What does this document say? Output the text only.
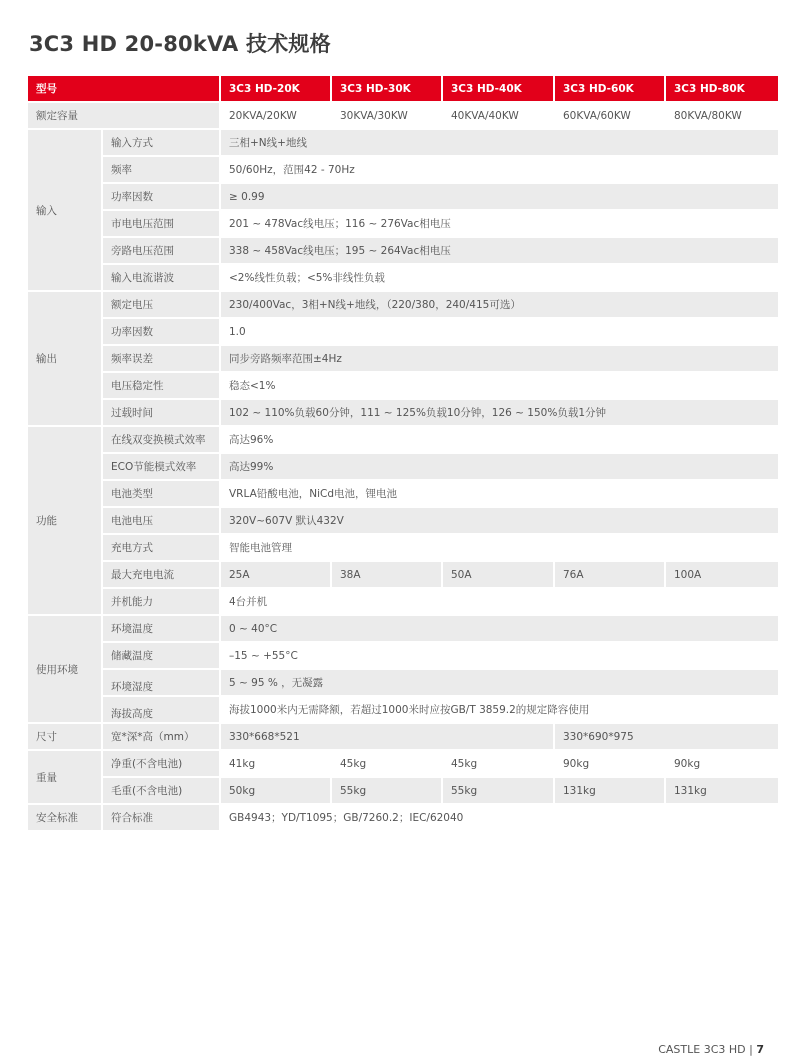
3C3 HD 20-80kVA 技术规格
型号		3C3 HD-20K	3C3 HD-30K	3C3 HD-40K	3C3 HD-60K	3C3 HD-80K
额定容量		20KVA/20KW	30KVA/30KW	40KVA/40KW	60KVA/60KW	80KVA/80KW
输入	输入方式	三相+N线+地线				
	频率	50/60Hz，范围42 - 70Hz				
	功率因数	≥ 0.99				
	市电电压范围	201 ~ 478Vac线电压；116 ~ 276Vac相电压				
	旁路电压范围	338 ~ 458Vac线电压；195 ~ 264Vac相电压				
	输入电流谐波	<2%线性负载；<5%非线性负载				
输出	额定电压	230/400Vac，3相+N线+地线，（220/380，240/415可选）				
	功率因数	1.0				
	频率误差	同步旁路频率范围±4Hz				
	电压稳定性	稳态<1%				
	过载时间	102 ~ 110%负载60分钟，111 ~ 125%负载10分钟，126 ~ 150%负载1分钟				
功能	在线双变换模式效率	高达96%				
	ECO节能模式效率	高达99%				
	电池类型	VRLA铅酸电池，NiCd电池，锂电池				
	电池电压	320V~607V 默认432V				
	充电方式	智能电池管理				
	最大充电电流	25A	38A	50A	76A	100A
	并机能力	4台并机				
使用环境	环境温度	0 ~ 40°C				
	储藏温度	–15 ~ +55°C				
	环境湿度	5 ~ 95 % ，无凝露				
	海拔高度	海拔1000米内无需降额，若超过1000米时应按GB/T 3859.2的规定降容使用				
尺寸	宽*深*高（mm）	330*668*521			330*690*975	
重量	净重(不含电池)	41kg	45kg	45kg	90kg	90kg
	毛重(不含电池)	50kg	55kg	55kg	131kg	131kg
安全标准	符合标准	GB4943；YD/T1095；GB/7260.2；IEC/62040				
CASTLE 3C3 HD | 7
